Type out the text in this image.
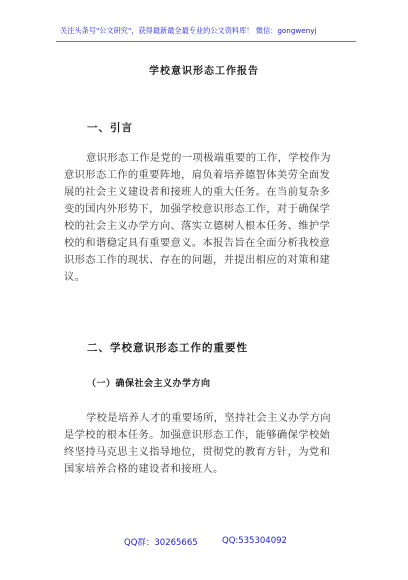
关注头条号"公文研究"，获得最新最全最专业的公文资料库！ 微信：gongwenyj
学校意识形态工作报告
一、引言
意识形态工作是党的一项极端重要的工作，学校作为
意识形态工作的重要阵地，肩负着培养德智体美劳全面发
展的社会主义建设者和接班人的重大任务。在当前复杂多
变的国内外形势下，加强学校意识形态工作，对于确保学
校的社会主义办学方向、落实立德树人根本任务、维护学
校的和谐稳定具有重要意义。本报告旨在全面分析我校意
识形态工作的现状、存在的问题，并提出相应的对策和建
议。
二、学校意识形态工作的重要性
（一）确保社会主义办学方向
学校是培养人才的重要场所，坚持社会主义办学方向
是学校的根本任务。加强意识形态工作，能够确保学校始
终坚持马克思主义指导地位，贯彻党的教育方针，为党和
国家培养合格的建设者和接班人。
QQ群：30265665	QQ:535304092
